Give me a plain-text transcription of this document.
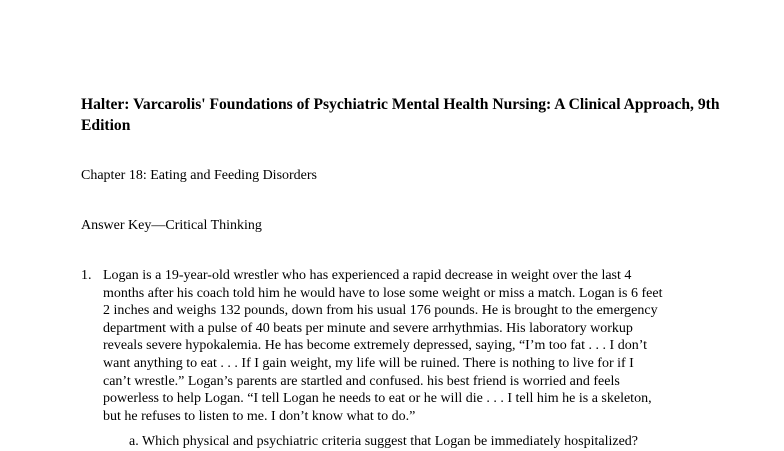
Halter: Varcarolis' Foundations of Psychiatric Mental Health Nursing: A Clinical Approach, 9th Edition

Chapter 18: Eating and Feeding Disorders

Answer Key—Critical Thinking

1. Logan is a 19-year-old wrestler who has experienced a rapid decrease in weight over the last 4
months after his coach told him he would have to lose some weight or miss a match. Logan is 6 feet
2 inches and weighs 132 pounds, down from his usual 176 pounds. He is brought to the emergency
department with a pulse of 40 beats per minute and severe arrhythmias. His laboratory workup
reveals severe hypokalemia. He has become extremely depressed, saying, “I’m too fat . . . I don’t
want anything to eat . . . If I gain weight, my life will be ruined. There is nothing to live for if I
can’t wrestle.” Logan’s parents are startled and confused. his best friend is worried and feels
powerless to help Logan. “I tell Logan he needs to eat or he will die . . . I tell him he is a skeleton,
but he refuses to listen to me. I don’t know what to do.”
a. Which physical and psychiatric criteria suggest that Logan be immediately hospitalized?
